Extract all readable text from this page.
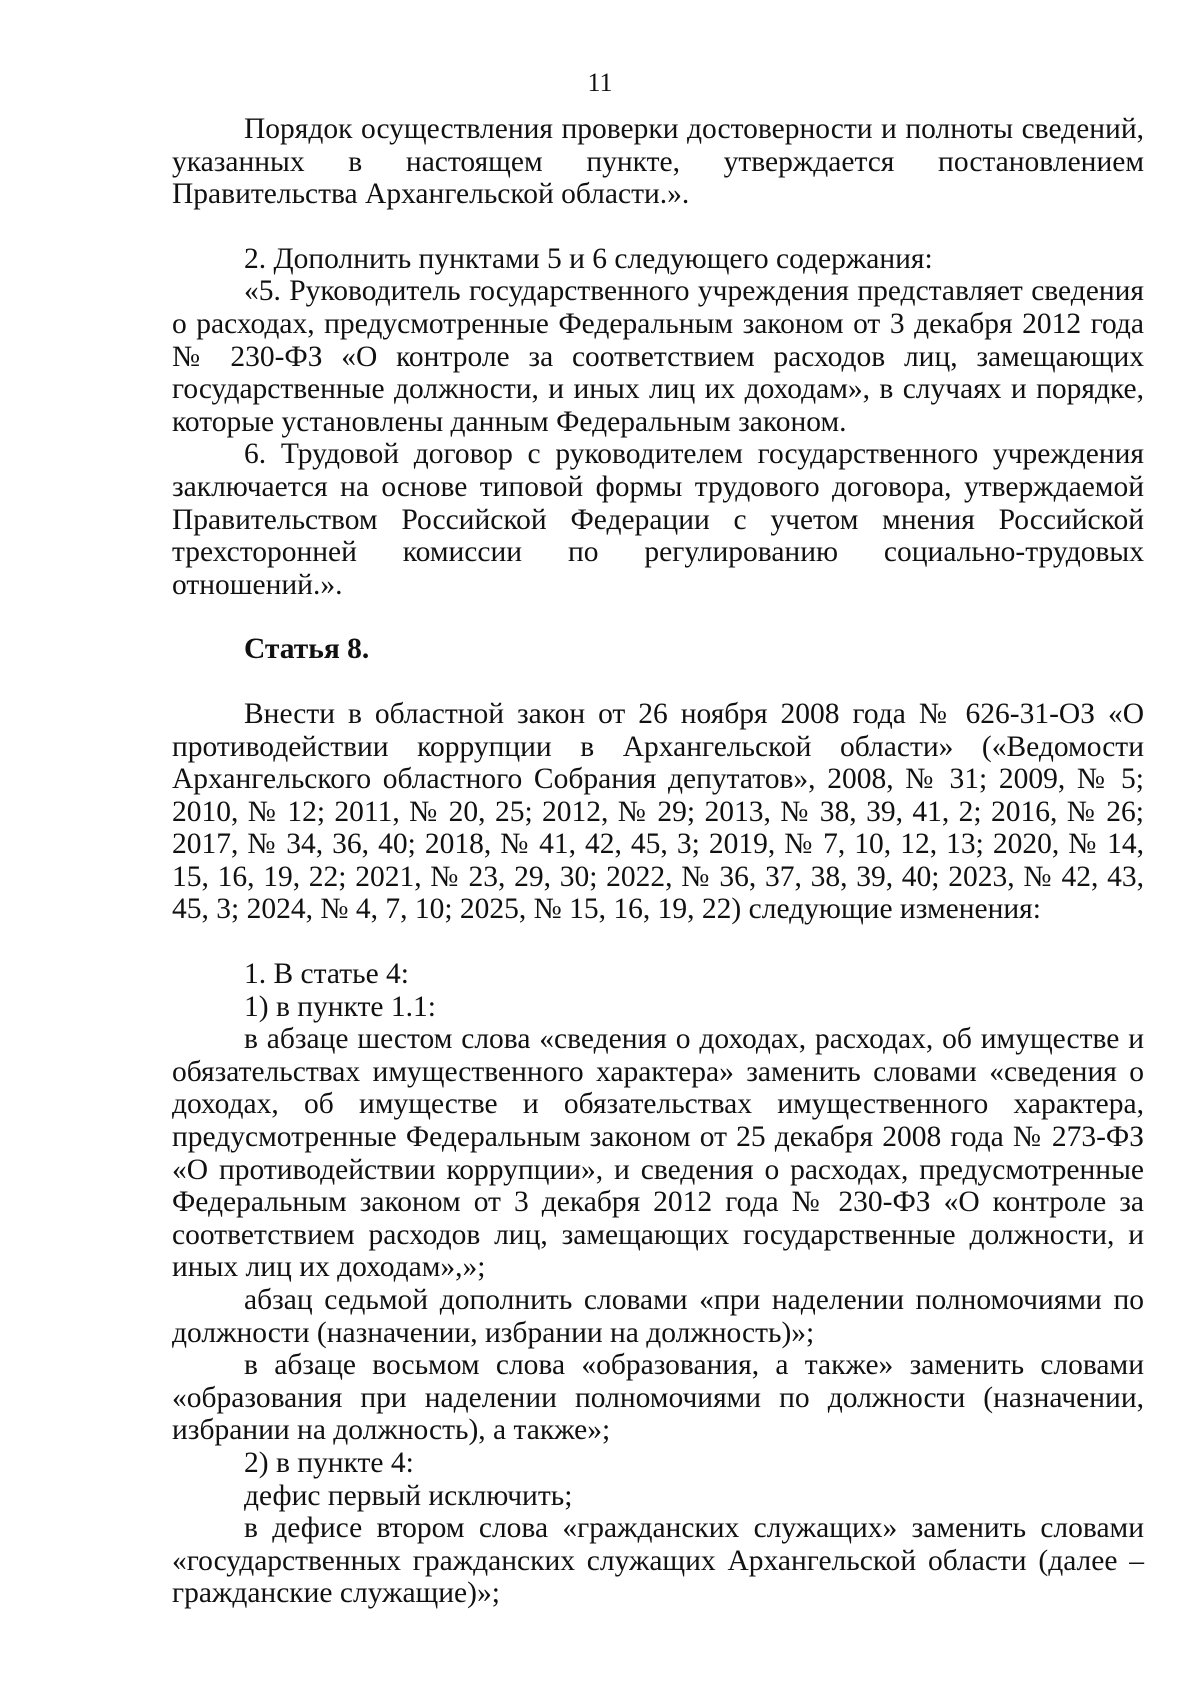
11

Порядок осуществления проверки достоверности и полноты сведений, указанных в настоящем пункте, утверждается постановлением Правительства Архангельской области.».

2. Дополнить пунктами 5 и 6 следующего содержания:

«5. Руководитель государственного учреждения представляет сведения о расходах, предусмотренные Федеральным законом от 3 декабря 2012 года № 230-ФЗ «О контроле за соответствием расходов лиц, замещающих государственные должности, и иных лиц их доходам», в случаях и порядке, которые установлены данным Федеральным законом.

6. Трудовой договор с руководителем государственного учреждения заключается на основе типовой формы трудового договора, утверждаемой Правительством Российской Федерации с учетом мнения Российской трехсторонней комиссии по регулированию социально-трудовых отношений.».

Статья 8.

Внести в областной закон от 26 ноября 2008 года № 626-31-ОЗ «О противодействии коррупции в Архангельской области» («Ведомости Архангельского областного Собрания депутатов», 2008, № 31; 2009, № 5; 2010, № 12; 2011, № 20, 25; 2012, № 29; 2013, № 38, 39, 41, 2; 2016, № 26; 2017, № 34, 36, 40; 2018, № 41, 42, 45, 3; 2019, № 7, 10, 12, 13; 2020, № 14, 15, 16, 19, 22; 2021, № 23, 29, 30; 2022, № 36, 37, 38, 39, 40; 2023, № 42, 43, 45, 3; 2024, № 4, 7, 10; 2025, № 15, 16, 19, 22) следующие изменения:

1. В статье 4:

1) в пункте 1.1:

в абзаце шестом слова «сведения о доходах, расходах, об имуществе и обязательствах имущественного характера» заменить словами «сведения о доходах, об имуществе и обязательствах имущественного характера, предусмотренные Федеральным законом от 25 декабря 2008 года № 273-ФЗ «О противодействии коррупции», и сведения о расходах, предусмотренные Федеральным законом от 3 декабря 2012 года № 230-ФЗ «О контроле за соответствием расходов лиц, замещающих государственные должности, и иных лиц их доходам»,»;

абзац седьмой дополнить словами «при наделении полномочиями по должности (назначении, избрании на должность)»;

в абзаце восьмом слова «образования, а также» заменить словами «образования при наделении полномочиями по должности (назначении, избрании на должность), а также»;

2) в пункте 4:

дефис первый исключить;

в дефисе втором слова «гражданских служащих» заменить словами «государственных гражданских служащих Архангельской области (далее – гражданские служащие)»;
